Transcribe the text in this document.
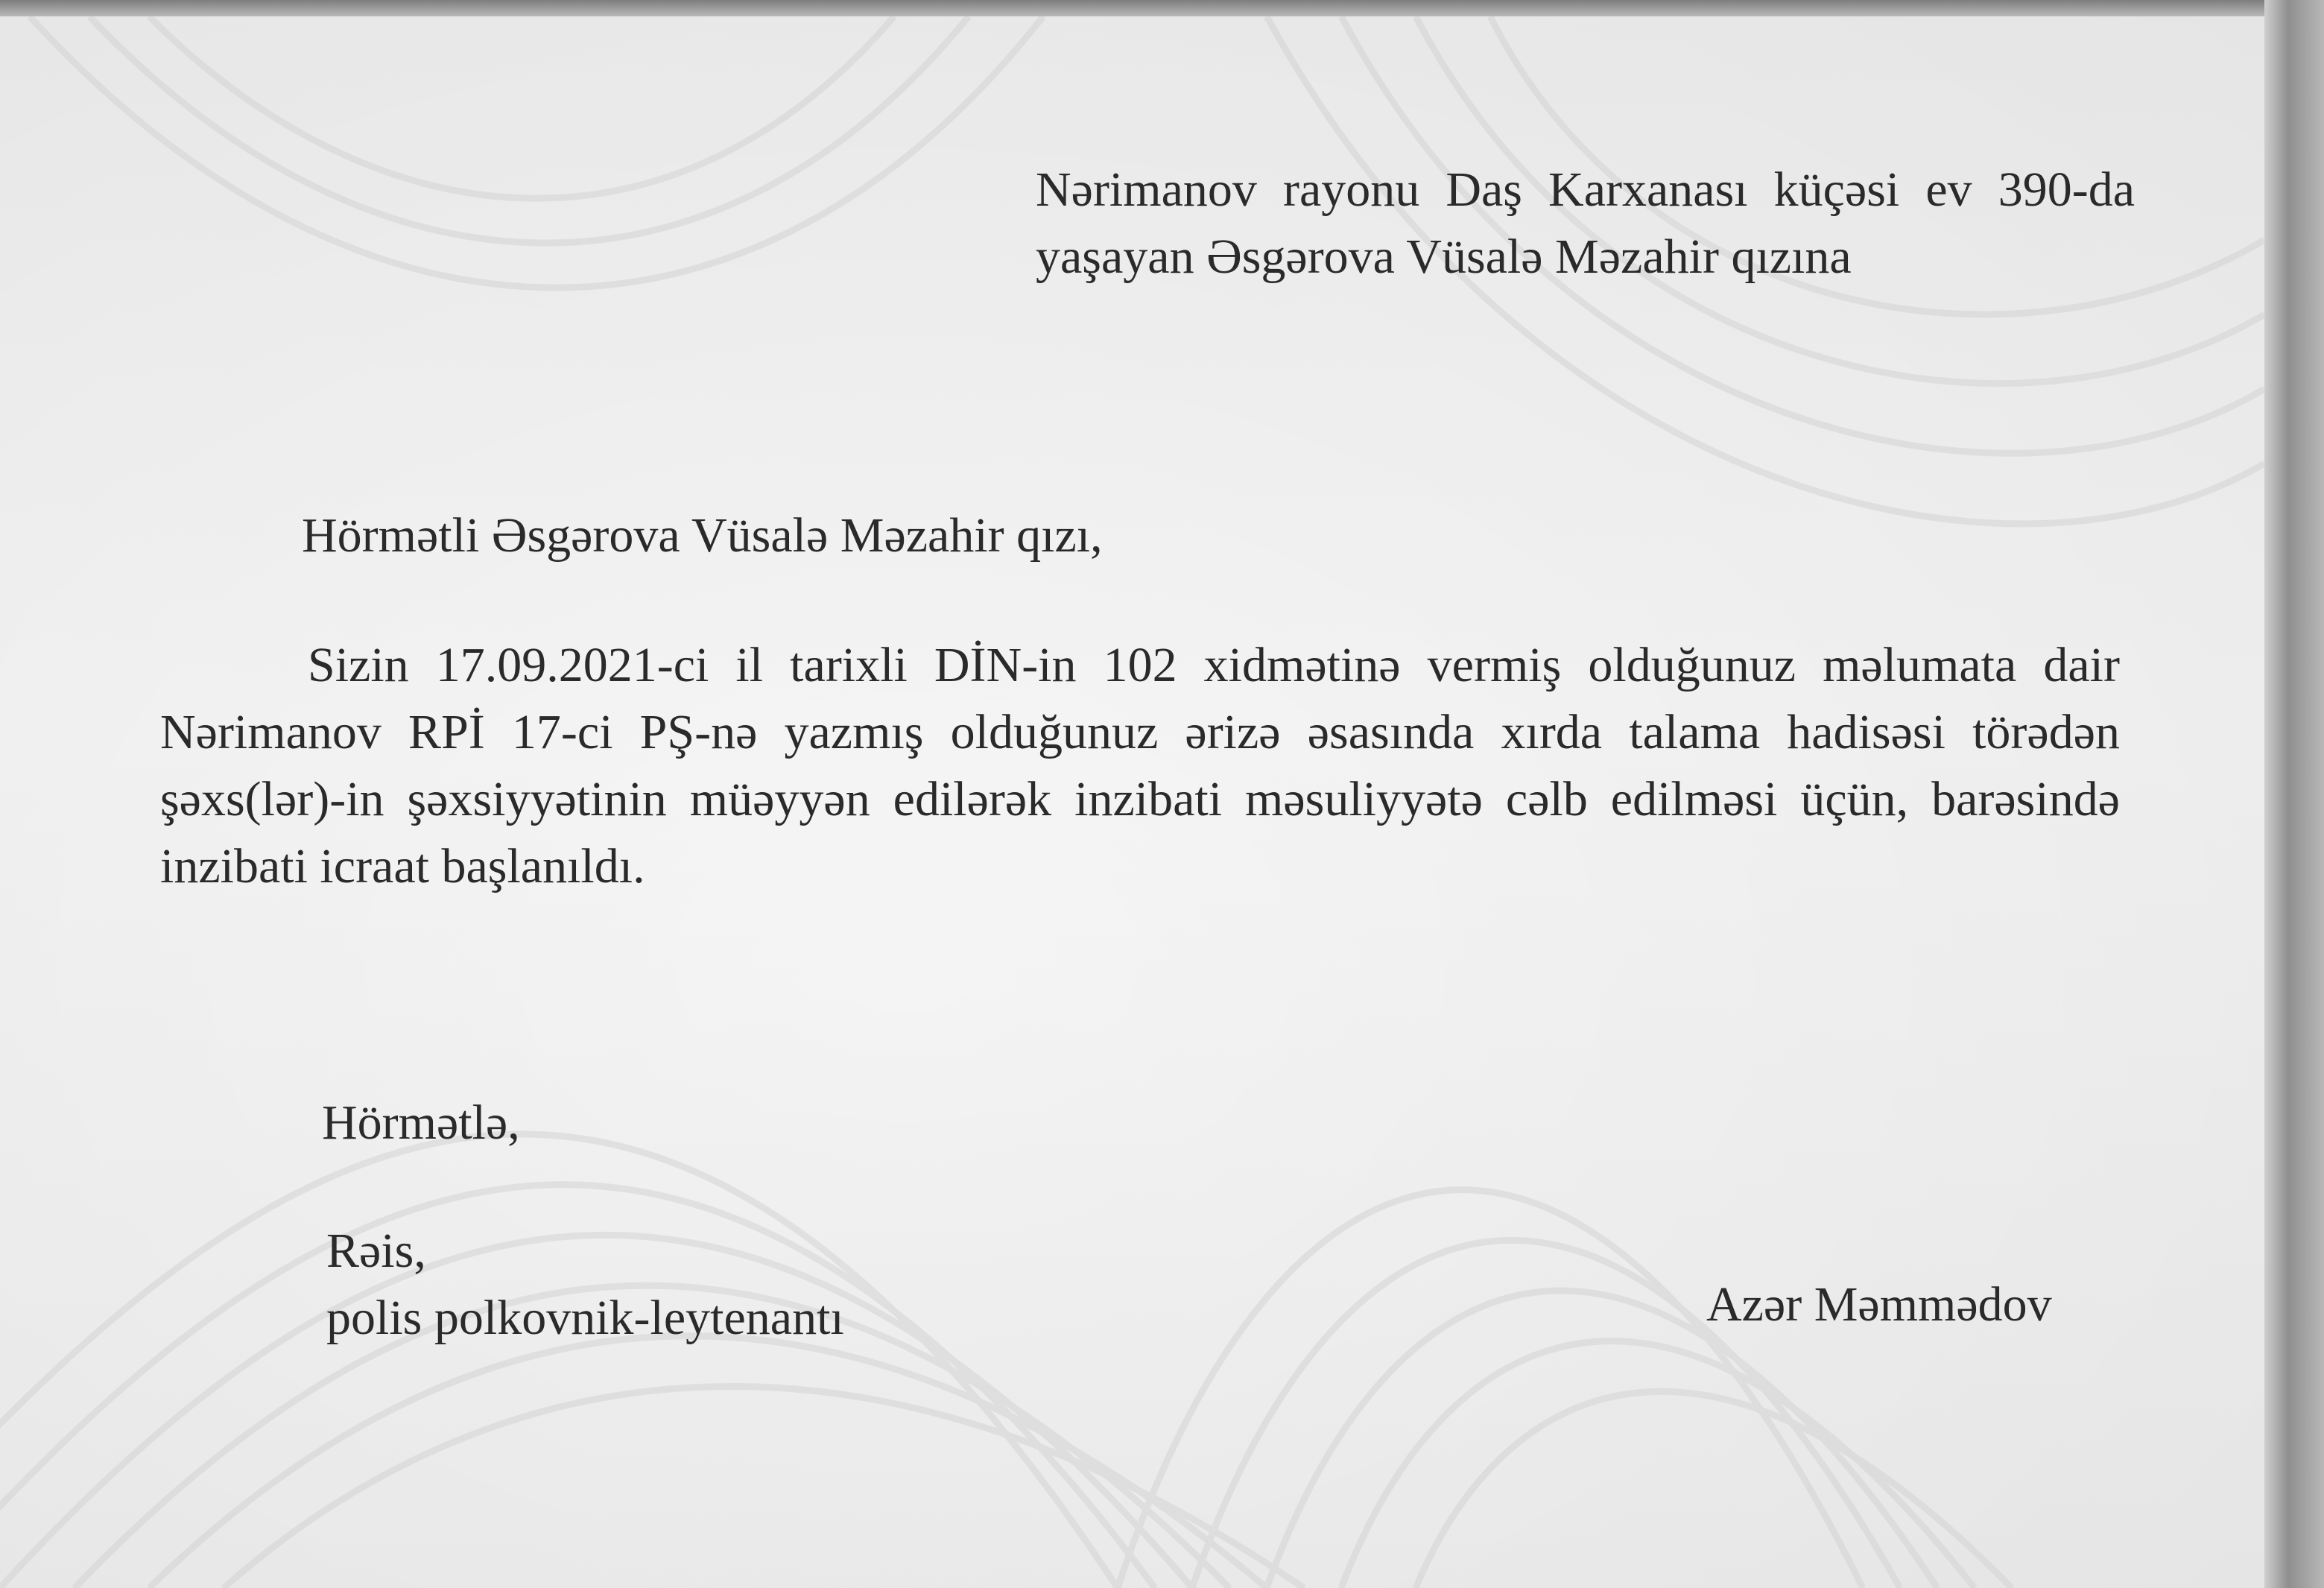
Nərimanov rayonu Daş Karxanası küçəsi ev 390-da yaşayan Əsgərova Vüsalə Məzahir qızına
Hörmətli Əsgərova Vüsalə Məzahir qızı,
Sizin 17.09.2021-ci il tarixli DİN-in 102 xidmətinə vermiş olduğunuz məlumata dair Nərimanov RPİ 17-ci PŞ-nə yazmış olduğunuz ərizə əsasında xırda talama hadisəsi törədən şəxs(lər)-in şəxsiyyətinin müəyyən edilərək inzibati məsuliyyətə cəlb edilməsi üçün, barəsində inzibati icraat başlanıldı.
Hörmətlə,
Rəis,
polis polkovnik-leytenantı	Azər Məmmədov
